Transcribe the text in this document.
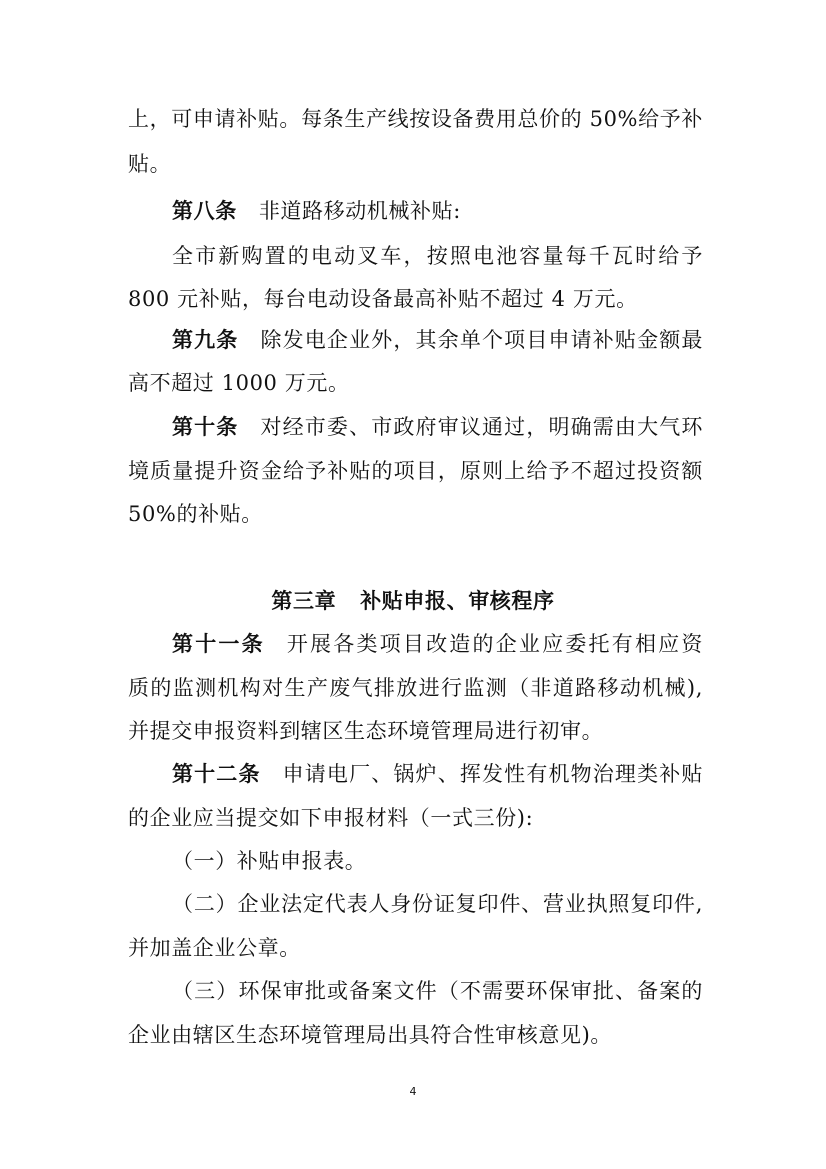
上，可申请补贴。每条生产线按设备费用总价的 50%给予补
贴。
第八条 非道路移动机械补贴:
全市新购置的电动叉车，按照电池容量每千瓦时给予
800 元补贴，每台电动设备最高补贴不超过 4 万元。
第九条 除发电企业外，其余单个项目申请补贴金额最
高不超过 1000 万元。
第十条 对经市委、市政府审议通过，明确需由大气环
境质量提升资金给予补贴的项目，原则上给予不超过投资额
50%的补贴。
第三章 补贴申报、审核程序
第十一条 开展各类项目改造的企业应委托有相应资
质的监测机构对生产废气排放进行监测（非道路移动机械),
并提交申报资料到辖区生态环境管理局进行初审。
第十二条 申请电厂、锅炉、挥发性有机物治理类补贴
的企业应当提交如下申报材料（一式三份):
（一）补贴申报表。
（二）企业法定代表人身份证复印件、营业执照复印件,
并加盖企业公章。
（三）环保审批或备案文件（不需要环保审批、备案的
企业由辖区生态环境管理局出具符合性审核意见)。
4
